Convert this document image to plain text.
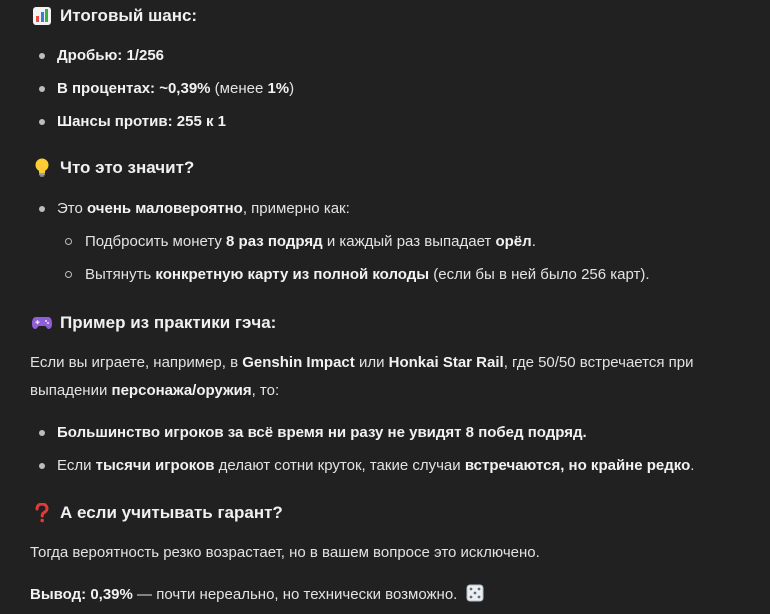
Итоговый шанс:
Дробью: 1/256
В процентах: ~0,39% (менее 1%)
Шансы против: 255 к 1
Что это значит?
Это очень маловероятно, примерно как:
Подбросить монету 8 раз подряд и каждый раз выпадает орёл.
Вытянуть конкретную карту из полной колоды (если бы в ней было 256 карт).
Пример из практики гэча:
Если вы играете, например, в Genshin Impact или Honkai Star Rail, где 50/50 встречается при
выпадении персонажа/оружия, то:
Большинство игроков за всё время ни разу не увидят 8 побед подряд.
Если тысячи игроков делают сотни круток, такие случаи встречаются, но крайне редко.
А если учитывать гарант?
Тогда вероятность резко возрастает, но в вашем вопросе это исключено.
Вывод: 0,39% — почти нереально, но технически возможно.
